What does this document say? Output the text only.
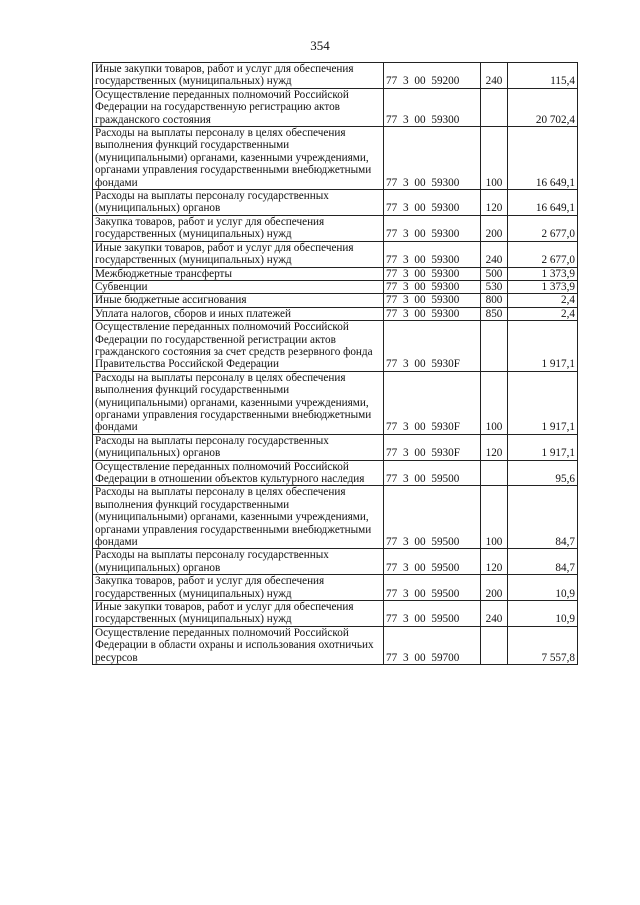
354
Иные закупки товаров, работ и услуг для обеспечения государственных (муниципальных) нужд	77 3 00 59200	240	115,4
Осуществление переданных полномочий Российской Федерации на государственную регистрацию актов гражданского состояния	77 3 00 59300		20 702,4
Расходы на выплаты персоналу в целях обеспечения выполнения функций государственными (муниципальными) органами, казенными учреждениями, органами управления государственными внебюджетными фондами	77 3 00 59300	100	16 649,1
Расходы на выплаты персоналу государственных (муниципальных) органов	77 3 00 59300	120	16 649,1
Закупка товаров, работ и услуг для обеспечения государственных (муниципальных) нужд	77 3 00 59300	200	2 677,0
Иные закупки товаров, работ и услуг для обеспечения государственных (муниципальных) нужд	77 3 00 59300	240	2 677,0
Межбюджетные трансферты	77 3 00 59300	500	1 373,9
Субвенции	77 3 00 59300	530	1 373,9
Иные бюджетные ассигнования	77 3 00 59300	800	2,4
Уплата налогов, сборов и иных платежей	77 3 00 59300	850	2,4
Осуществление переданных полномочий Российской Федерации по государственной регистрации актов гражданского состояния за счет средств резервного фонда Правительства Российской Федерации	77 3 00 5930F		1 917,1
Расходы на выплаты персоналу в целях обеспечения выполнения функций государственными (муниципальными) органами, казенными учреждениями, органами управления государственными внебюджетными фондами	77 3 00 5930F	100	1 917,1
Расходы на выплаты персоналу государственных (муниципальных) органов	77 3 00 5930F	120	1 917,1
Осуществление переданных полномочий Российской Федерации в отношении объектов культурного наследия	77 3 00 59500		95,6
Расходы на выплаты персоналу в целях обеспечения выполнения функций государственными (муниципальными) органами, казенными учреждениями, органами управления государственными внебюджетными фондами	77 3 00 59500	100	84,7
Расходы на выплаты персоналу государственных (муниципальных) органов	77 3 00 59500	120	84,7
Закупка товаров, работ и услуг для обеспечения государственных (муниципальных) нужд	77 3 00 59500	200	10,9
Иные закупки товаров, работ и услуг для обеспечения государственных (муниципальных) нужд	77 3 00 59500	240	10,9
Осуществление переданных полномочий Российской Федерации в области охраны и использования охотничьих ресурсов	77 3 00 59700		7 557,8
